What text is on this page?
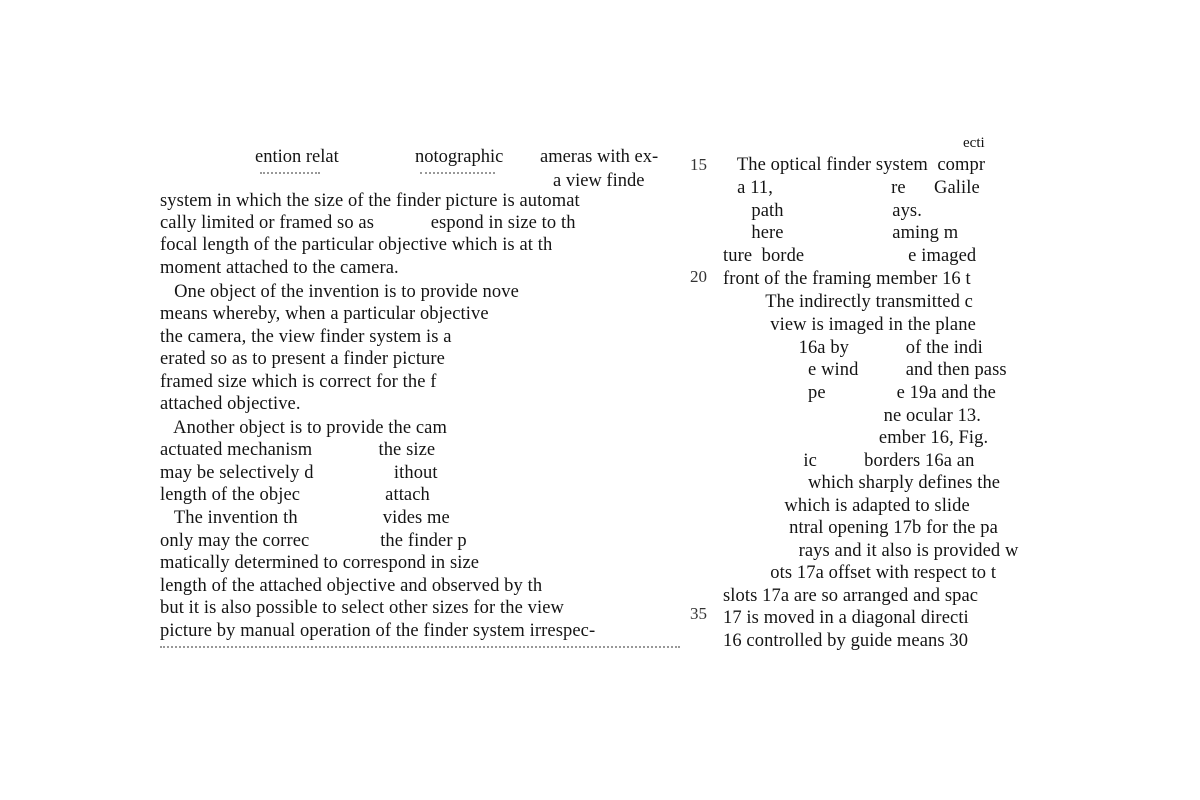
ention relat	notographic ameras with ex-
a view finde
system in which the size of the finder picture is automat
cally limited or framed so as            espond in size to th
focal length of the particular objective which is at th
moment attached to the camera.
One object of the invention is to provide nove
means whereby, when a particular objective
the camera, the view finder system is a
erated so as to present a finder picture
framed size which is correct for the f
attached objective.
Another object is to provide the cam
actuated mechanism              the size
may be selectively d                 ithout
length of the objec                  attach
The invention th                  vides me
only may the correc               the finder p
matically determined to correspond in size
length of the attached objective and observed by th
but it is also possible to select other sizes for the view
picture by manual operation of the finder system irrespec-
15
20
35
ecti
The optical finder system  compr
a 11,                         re      Galile
path                       ays.
here                       aming m
ture  borde                      e imaged
front of the framing member 16 t
The indirectly transmitted c
view is imaged in the plane
16a by            of the indi
e wind          and then pass
pe               e 19a and the
ne ocular 13.
ember 16, Fig.
ic          borders 16a an
which sharply defines the
which is adapted to slide
ntral opening 17b for the pa
rays and it also is provided w
ots 17a offset with respect to t
slots 17a are so arranged and spac
17 is moved in a diagonal directi
16 controlled by guide means 30
